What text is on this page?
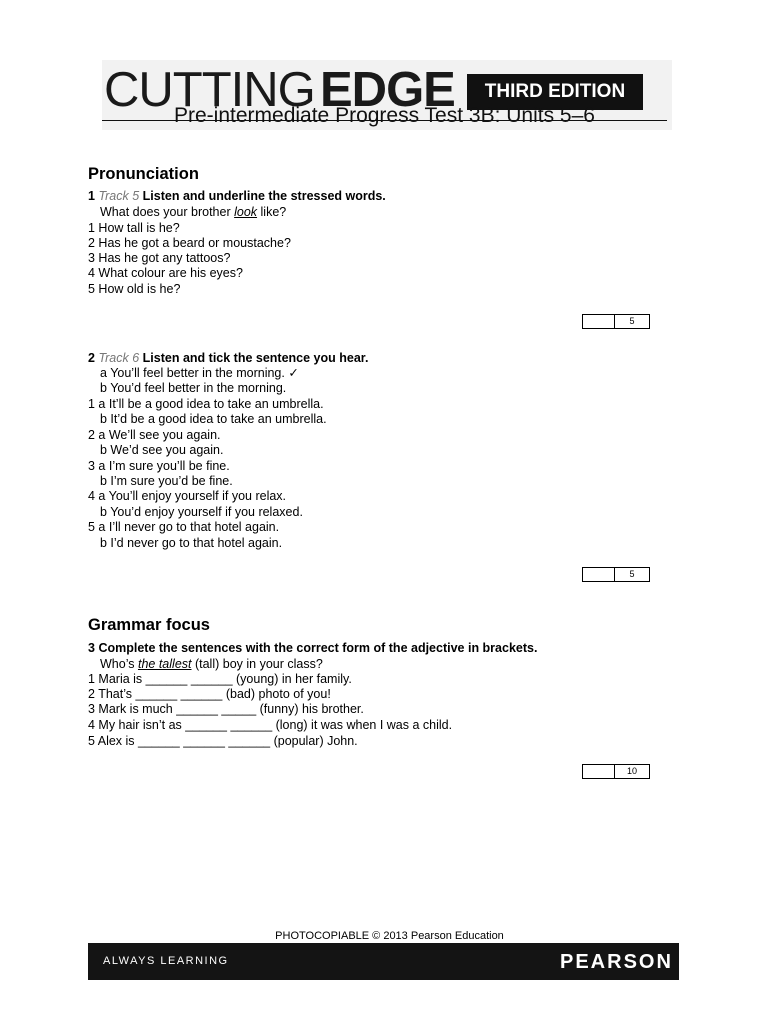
CUTTING EDGE	THIRD EDITION
Pre-intermediate Progress Test 3B: Units 5–6
Pronunciation
1 Track 5 Listen and underline the stressed words.
What does your brother look like?
1 How tall is he?
2 Has he got a beard or moustache?
3 Has he got any tattoos?
4 What colour are his eyes?
5 How old is he?
5
2 Track 6 Listen and tick the sentence you hear.
a You’ll feel better in the morning. ✓
b You’d feel better in the morning.
1 a It’ll be a good idea to take an umbrella.
b It’d be a good idea to take an umbrella.
2 a We’ll see you again.
b We’d see you again.
3 a I’m sure you’ll be fine.
b I’m sure you’d be fine.
4 a You’ll enjoy yourself if you relax.
b You’d enjoy yourself if you relaxed.
5 a I’ll never go to that hotel again.
b I’d never go to that hotel again.
5
Grammar focus
3 Complete the sentences with the correct form of the adjective in brackets.
Who’s the tallest (tall) boy in your class?
1 Maria is ______ ______ (young) in her family.
2 That’s ______ ______ (bad) photo of you!
3 Mark is much ______ _____ (funny) his brother.
4 My hair isn’t as ______ ______ (long) it was when I was a child.
5 Alex is ______ ______ ______ (popular) John.
10
PHOTOCOPIABLE © 2013 Pearson Education
ALWAYS LEARNING	PEARSON
